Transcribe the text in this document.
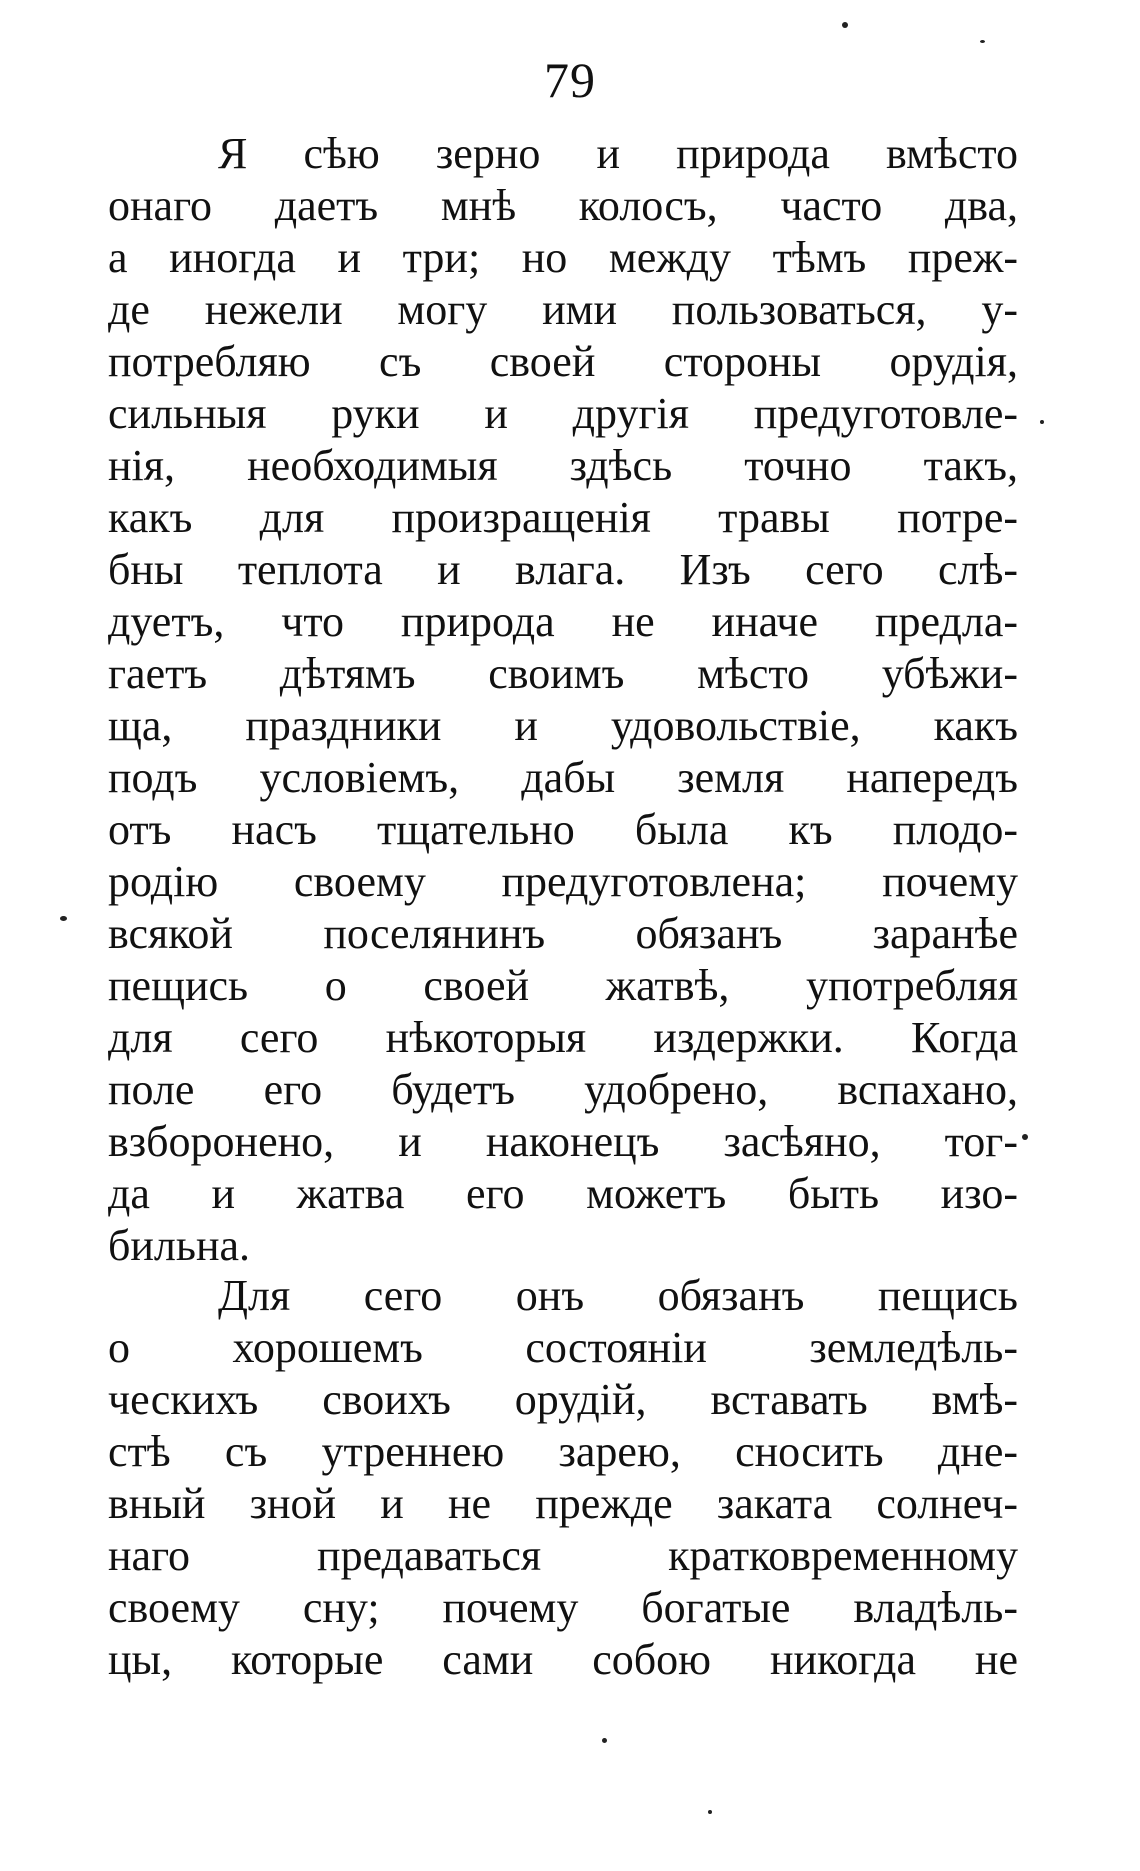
79
Я сѣю зерно и природа вмѣсто
онаго даетъ мнѣ колосъ, часто два,
а иногда и три; но между тѣмъ преж-
де нежели могу ими пользоваться, у-
потребляю съ своей стороны орудія,
сильныя руки и другія предуготовле-
нія, необходимыя здѣсь точно такъ,
какъ для произращенія травы потре-
бны теплота и влага. Изъ сего слѣ-
дуетъ, что природа не иначе предла-
гаетъ дѣтямъ своимъ мѣсто убѣжи-
ща, праздники и удовольствіе, какъ
подъ условіемъ, дабы земля напередъ
отъ насъ тщательно была къ плодо-
родію своему предуготовлена; почему
всякой поселянинъ обязанъ заранѣе
пещись о своей жатвѣ, употребляя
для сего нѣкоторыя издержки. Когда
поле его будетъ удобрено, вспахано,
взборонено, и наконецъ засѣяно, тог-
да и жатва его можетъ быть изо-
бильна.
Для сего онъ обязанъ пещись
о хорошемъ состояніи земледѣль-
ческихъ своихъ орудій, вставать вмѣ-
стѣ съ утреннею зарею, сносить дне-
вный зной и не прежде заката солнеч-
наго предаваться кратковременному
своему сну; почему богатые владѣль-
цы, которые сами собою никогда не
